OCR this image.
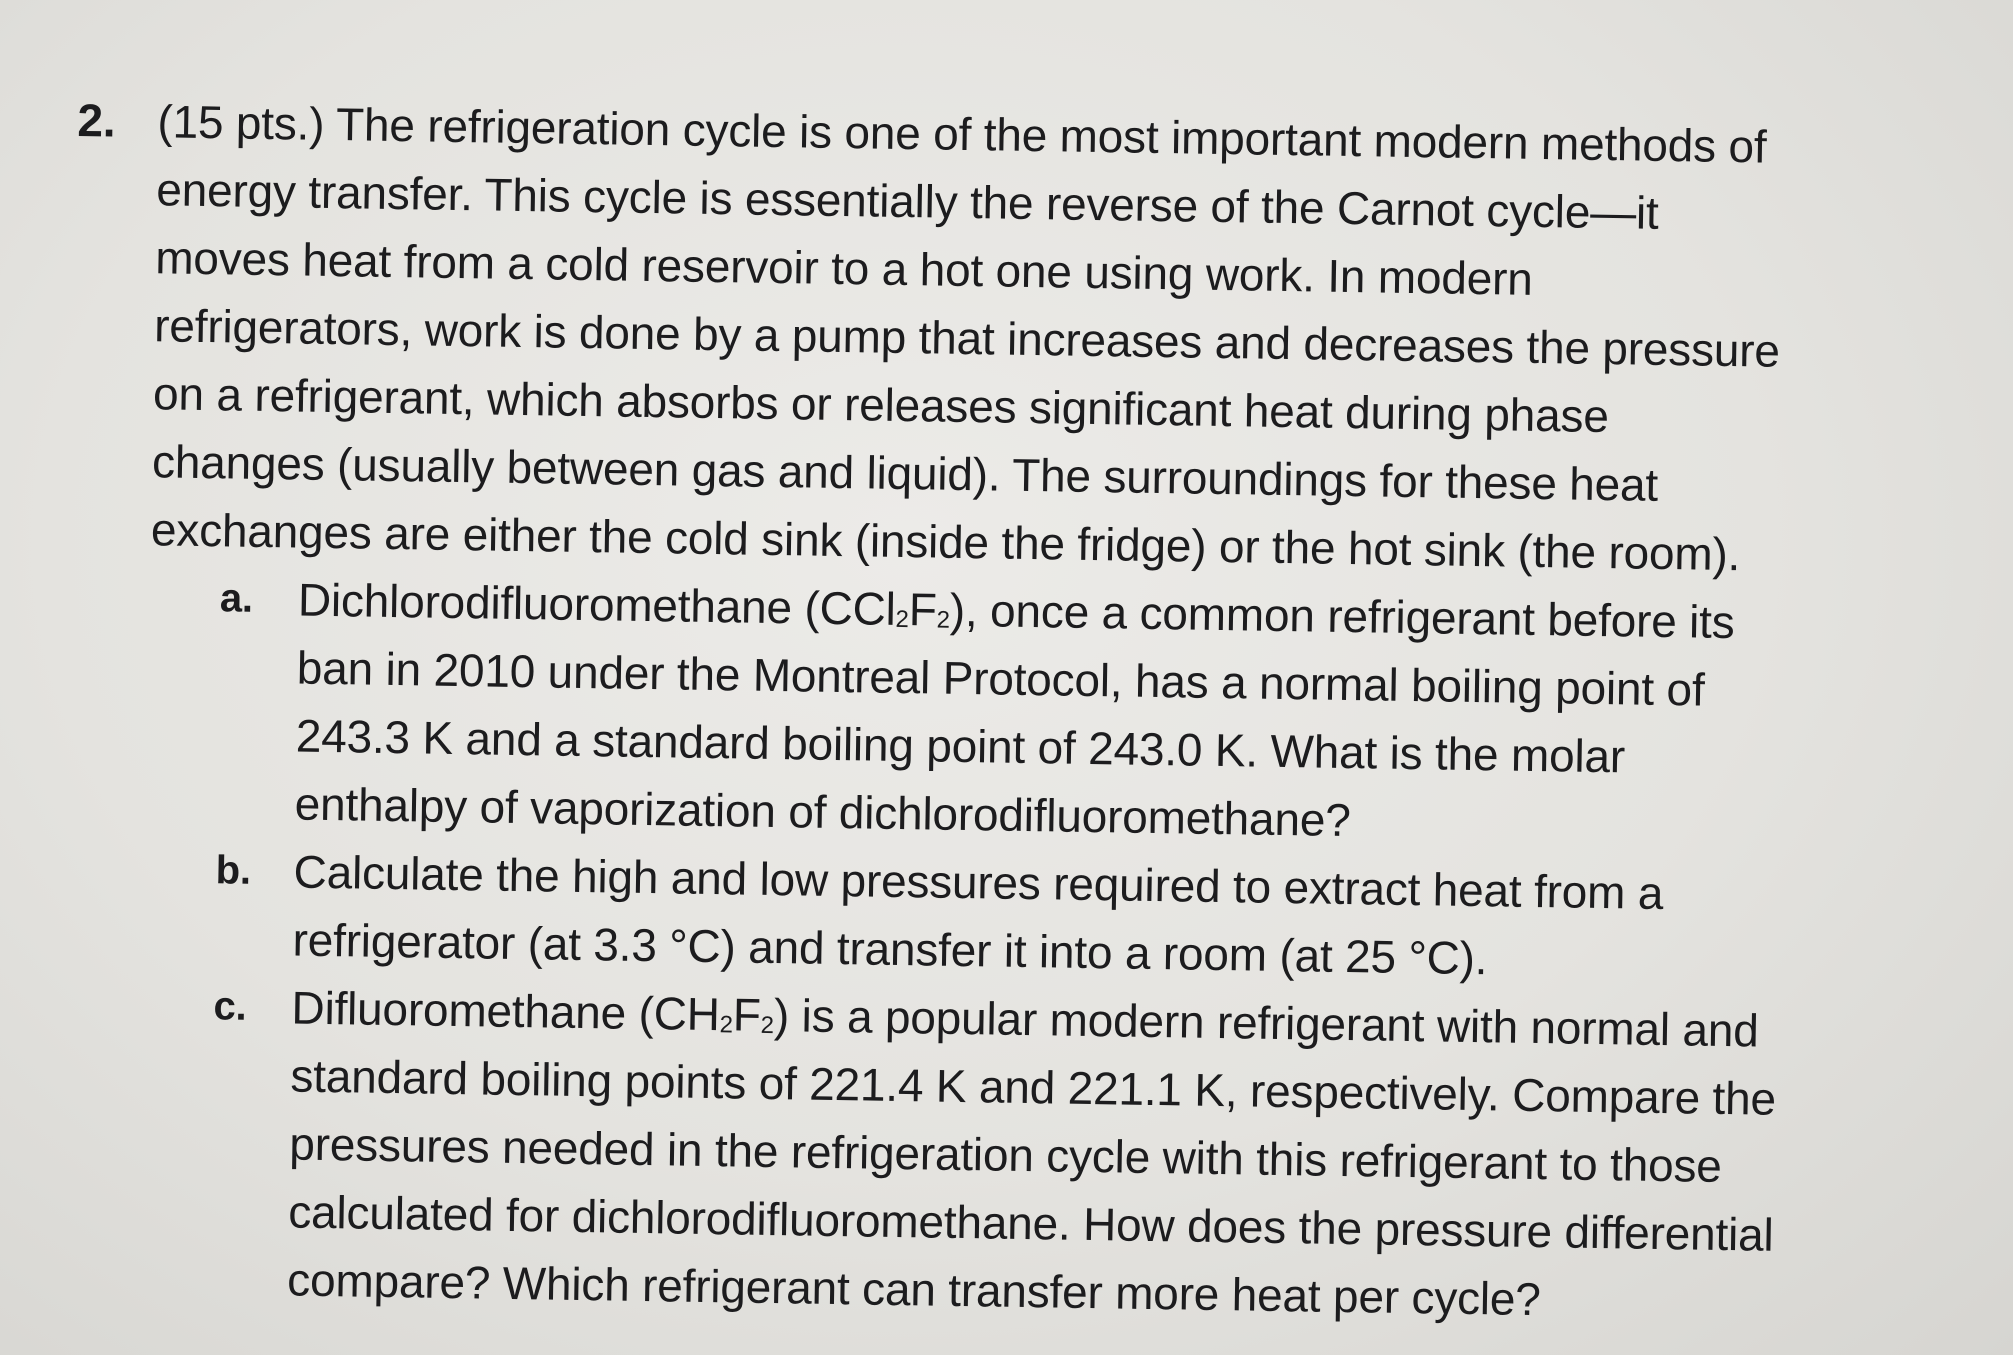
2. (15 pts.) The refrigeration cycle is one of the most important modern methods of
energy transfer. This cycle is essentially the reverse of the Carnot cycle—it
moves heat from a cold reservoir to a hot one using work. In modern
refrigerators, work is done by a pump that increases and decreases the pressure
on a refrigerant, which absorbs or releases significant heat during phase
changes (usually between gas and liquid). The surroundings for these heat
exchanges are either the cold sink (inside the fridge) or the hot sink (the room).
a. Dichlorodifluoromethane $(CCl_2F_2)$, once a common refrigerant before its
ban in 2010 under the Montreal Protocol, has a normal boiling point of
243.3 K and a standard boiling point of 243.0 K. What is the molar
enthalpy of vaporization of dichlorodifluoromethane?
b. Calculate the high and low pressures required to extract heat from a
refrigerator (at 3.3 °C) and transfer it into a room (at 25 °C).
c. Difluoromethane $(CH_2F_2)$ is a popular modern refrigerant with normal and
standard boiling points of 221.4 K and 221.1 K, respectively. Compare the
pressures needed in the refrigeration cycle with this refrigerant to those
calculated for dichlorodifluoromethane. How does the pressure differential
compare? Which refrigerant can transfer more heat per cycle?
